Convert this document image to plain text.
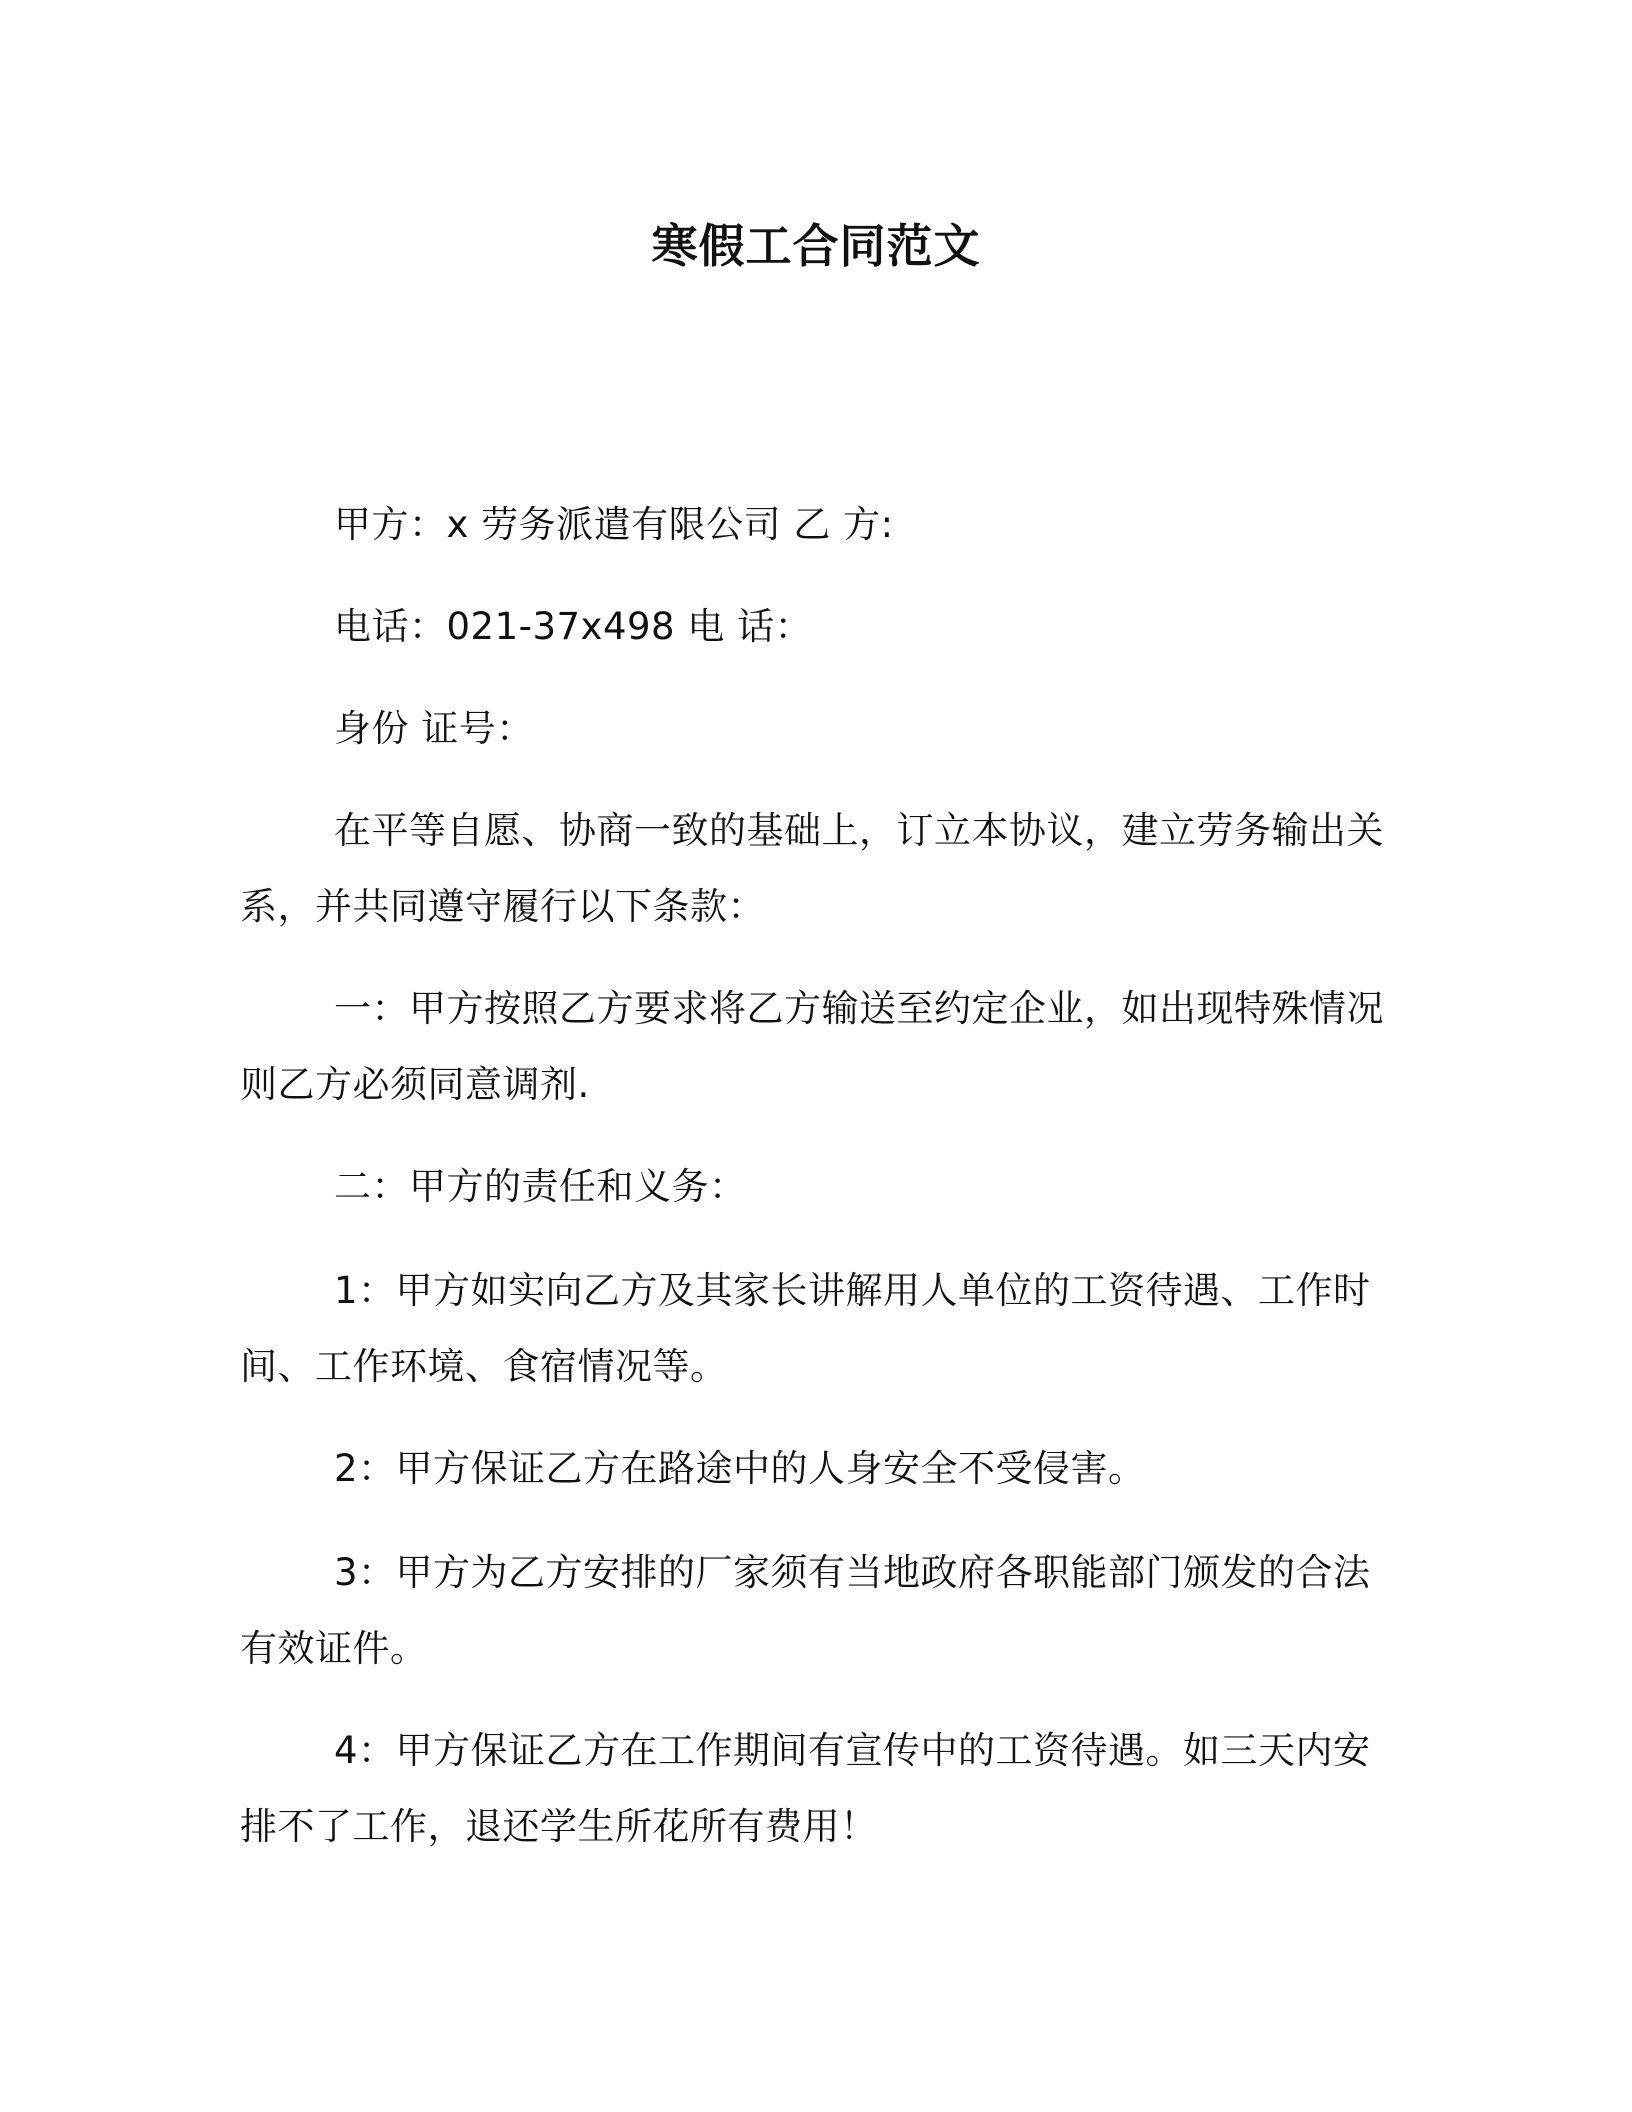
寒假工合同范文
甲方：x 劳务派遣有限公司 乙 方:
电话：021-37x498 电 话：
身份 证号：
在平等自愿、协商一致的基础上，订立本协议，建立劳务输出关
系，并共同遵守履行以下条款：
一：甲方按照乙方要求将乙方输送至约定企业，如出现特殊情况
则乙方必须同意调剂.
二：甲方的责任和义务：
1：甲方如实向乙方及其家长讲解用人单位的工资待遇、工作时
间、工作环境、食宿情况等。
2：甲方保证乙方在路途中的人身安全不受侵害。
3：甲方为乙方安排的厂家须有当地政府各职能部门颁发的合法
有效证件。
4：甲方保证乙方在工作期间有宣传中的工资待遇。如三天内安
排不了工作，退还学生所花所有费用！
